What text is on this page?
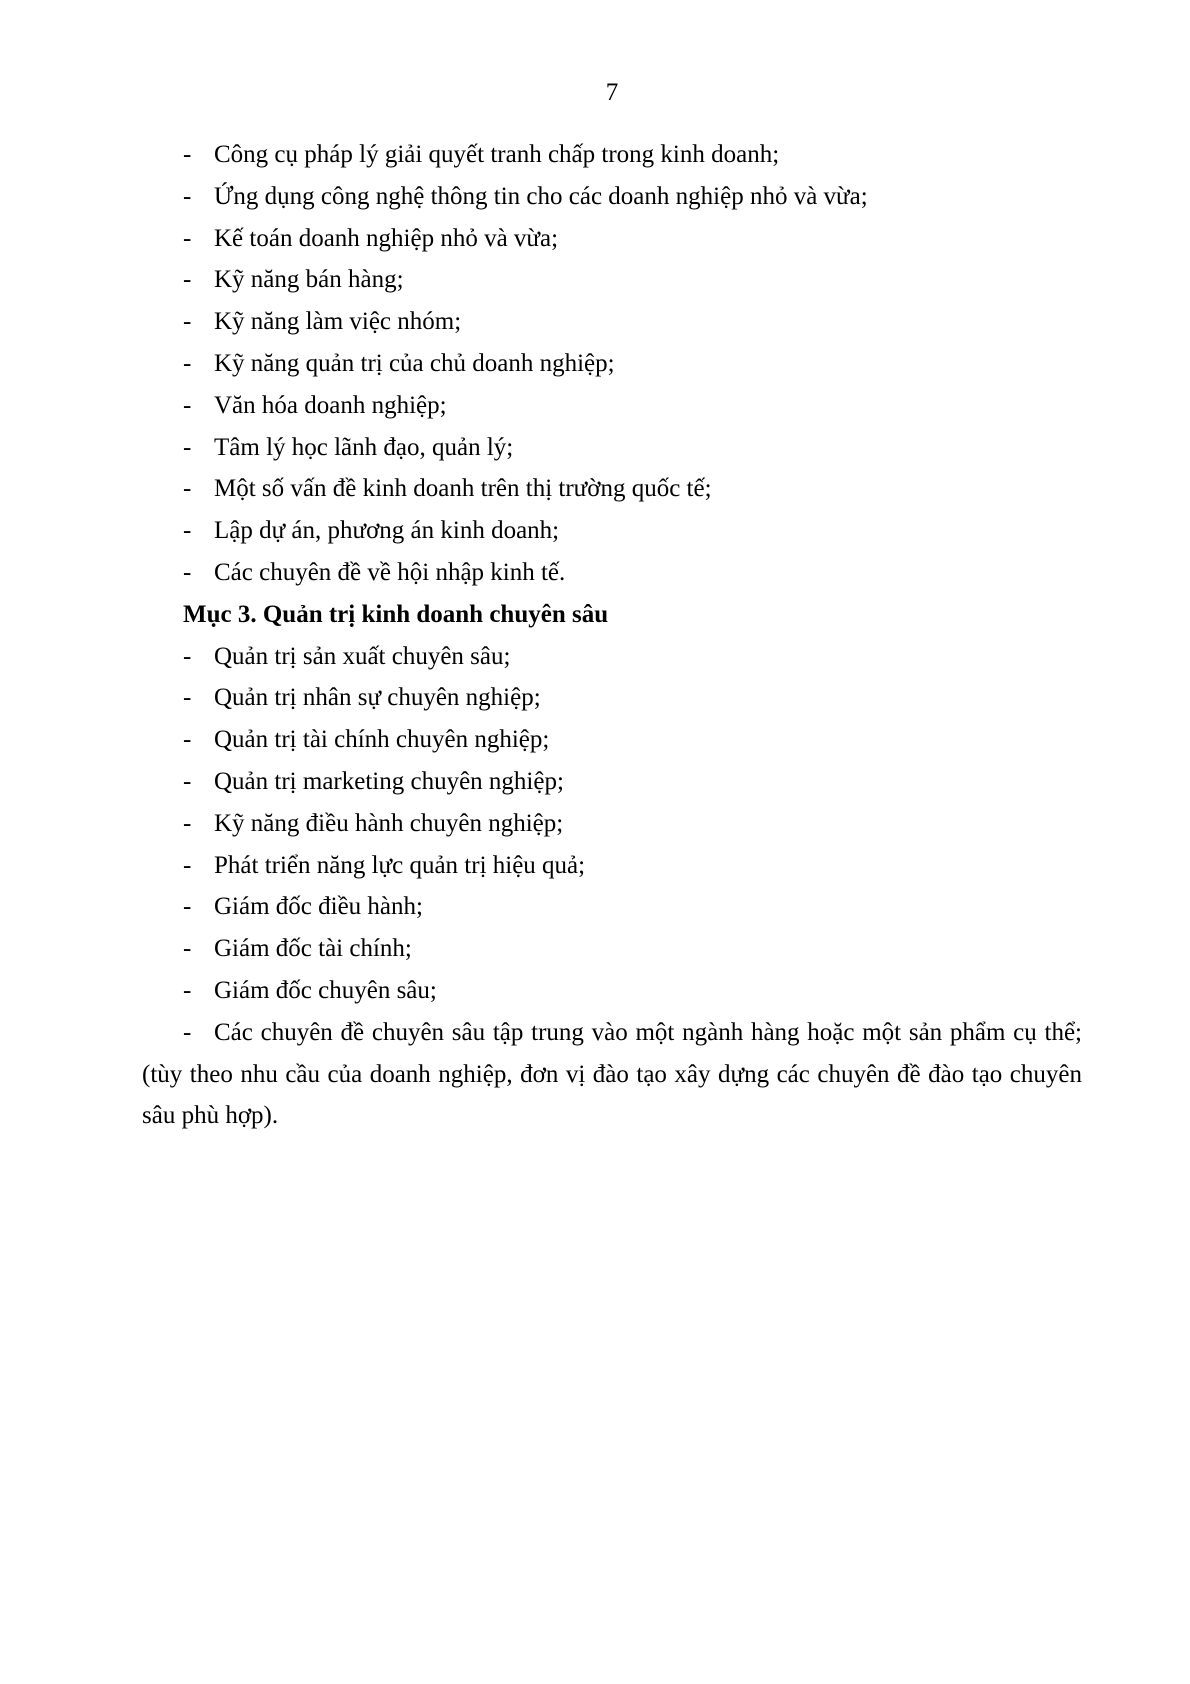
7
- Công cụ pháp lý giải quyết tranh chấp trong kinh doanh;
- Ứng dụng công nghệ thông tin cho các doanh nghiệp nhỏ và vừa;
- Kế toán doanh nghiệp nhỏ và vừa;
- Kỹ năng bán hàng;
- Kỹ năng làm việc nhóm;
- Kỹ năng quản trị của chủ doanh nghiệp;
- Văn hóa doanh nghiệp;
- Tâm lý học lãnh đạo, quản lý;
- Một số vấn đề kinh doanh trên thị trường quốc tế;
- Lập dự án, phương án kinh doanh;
- Các chuyên đề về hội nhập kinh tế.
Mục 3. Quản trị kinh doanh chuyên sâu
- Quản trị sản xuất chuyên sâu;
- Quản trị nhân sự chuyên nghiệp;
- Quản trị tài chính chuyên nghiệp;
- Quản trị marketing chuyên nghiệp;
- Kỹ năng điều hành chuyên nghiệp;
- Phát triển năng lực quản trị hiệu quả;
- Giám đốc điều hành;
- Giám đốc tài chính;
- Giám đốc chuyên sâu;
- Các chuyên đề chuyên sâu tập trung vào một ngành hàng hoặc một sản phẩm cụ thể; (tùy theo nhu cầu của doanh nghiệp, đơn vị đào tạo xây dựng các chuyên đề đào tạo chuyên sâu phù hợp).
